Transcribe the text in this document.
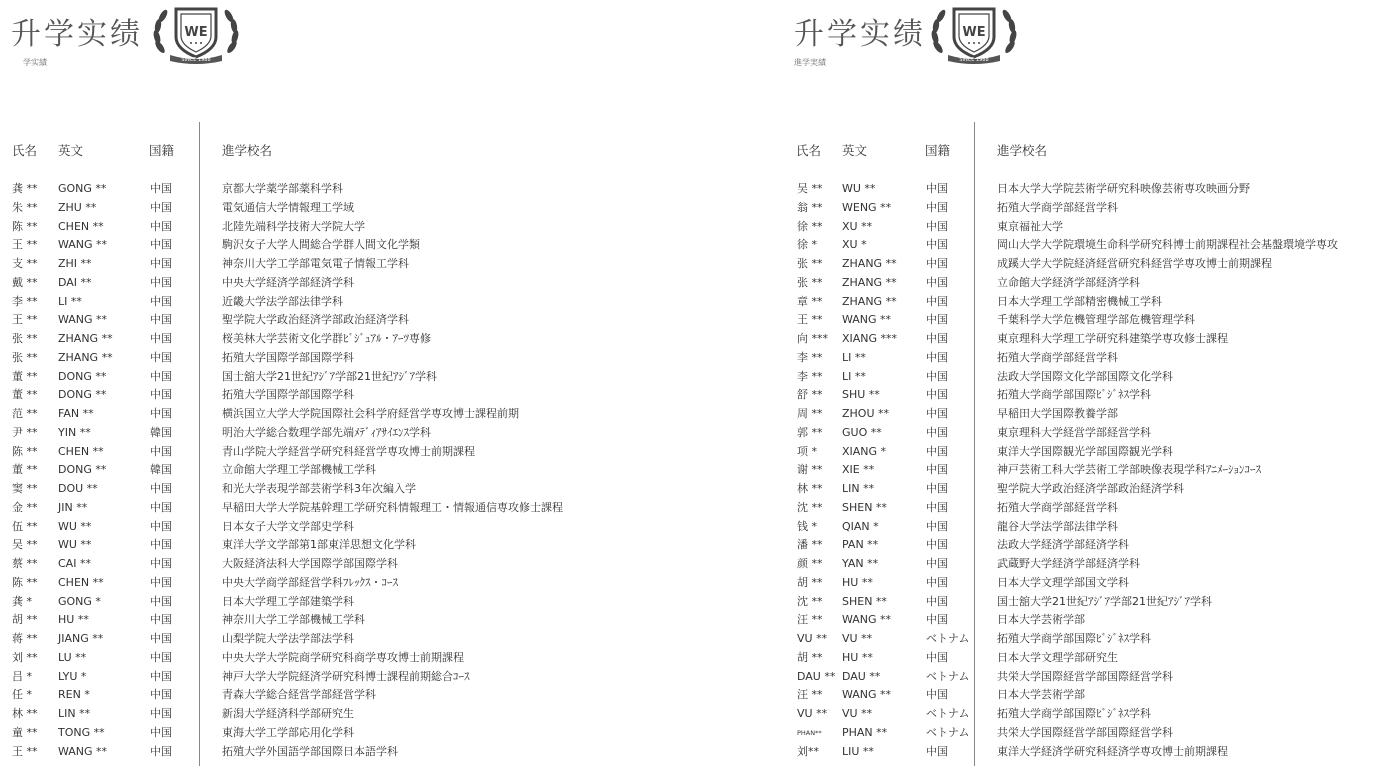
升学实绩
学实績
WE
SINCE 1988
氏名 英文	国籍	進学校名
龚 **	GONG **	中国	京都大学薬学部薬科学科
朱 **	ZHU **	中国	電気通信大学情報理工学域
陈 **	CHEN **	中国	北陸先端科学技術大学院大学
王 **	WANG **	中国	駒沢女子大学人間総合学群人間文化学類
支 **	ZHI **	中国	神奈川大学工学部電気電子情報工学科
戴 **	DAI **	中国	中央大学経済学部経済学科
李 **	LI **	中国	近畿大学法学部法律学科
王 **	WANG **	中国	聖学院大学政治経済学部政治経済学科
张 **	ZHANG **	中国	桜美林大学芸術文化学群ﾋﾞｼﾞｭｱﾙ・ｱｰﾂ専修
张 **	ZHANG **	中国	拓殖大学国際学部国際学科
董 **	DONG **	中国	国士舘大学21世紀ｱｼﾞｱ学部21世紀ｱｼﾞｱ学科
董 **	DONG **	中国	拓殖大学国際学部国際学科
范 **	FAN **	中国	横浜国立大学大学院国際社会科学府経営学専攻博士課程前期
尹 **	YIN **	韓国	明治大学総合数理学部先端ﾒﾃﾞｨｱｻｲｴﾝｽ学科
陈 **	CHEN **	中国	青山学院大学経営学研究科経営学専攻博士前期課程
董 **	DONG **	韓国	立命館大学理工学部機械工学科
窦 **	DOU **	中国	和光大学表現学部芸術学科3年次編入学
金 **	JIN **	中国	早稲田大学大学院基幹理工学研究科情報理工・情報通信専攻修士課程
伍 **	WU **	中国	日本女子大学文学部史学科
吴 **	WU **	中国	東洋大学文学部第1部東洋思想文化学科
蔡 **	CAI **	中国	大阪経済法科大学国際学部国際学科
陈 **	CHEN **	中国	中央大学商学部経営学科ﾌﾚｯｸｽ・ｺｰｽ
龚 *	GONG *	中国	日本大学理工学部建築学科
胡 **	HU **	中国	神奈川大学工学部機械工学科
蒋 **	JIANG **	中国	山梨学院大学法学部法学科
刘 **	LU **	中国	中央大学大学院商学研究科商学専攻博士前期課程
吕 *	LYU *	中国	神戸大学大学院経済学研究科博士課程前期総合ｺｰｽ
任 *	REN *	中国	青森大学総合経営学部経営学科
林 **	LIN **	中国	新潟大学経済科学部研究生
童 **	TONG **	中国	東海大学工学部応用化学科
王 **	WANG **	中国	拓殖大学外国語学部国際日本語学科
升学实绩
進学実績
WE
SINCE 1988
氏名 英文	国籍	進学校名
吴 **	WU **	中国	日本大学大学院芸術学研究科映像芸術専攻映画分野
翁 **	WENG **	中国	拓殖大学商学部経営学科
徐 **	XU **	中国	東京福祉大学
徐 *	XU *	中国	岡山大学大学院環境生命科学研究科博士前期課程社会基盤環境学専攻
张 **	ZHANG **	中国	成蹊大学大学院経済経営研究科経営学専攻博士前期課程
张 **	ZHANG **	中国	立命館大学経済学部経済学科
章 **	ZHANG **	中国	日本大学理工学部精密機械工学科
王 **	WANG **	中国	千葉科学大学危機管理学部危機管理学科
向 ***	XIANG ***	中国	東京理科大学理工学研究科建築学専攻修士課程
李 **	LI **	中国	拓殖大学商学部経営学科
李 **	LI **	中国	法政大学国際文化学部国際文化学科
舒 **	SHU **	中国	拓殖大学商学部国際ﾋﾞｼﾞﾈｽ学科
周 **	ZHOU **	中国	早稲田大学国際教養学部
郭 **	GUO **	中国	東京理科大学経営学部経営学科
项 *	XIANG *	中国	東洋大学国際観光学部国際観光学科
谢 **	XIE **	中国	神戸芸術工科大学芸術工学部映像表現学科ｱﾆﾒｰｼｮﾝｺｰｽ
林 **	LIN **	中国	聖学院大学政治経済学部政治経済学科
沈 **	SHEN **	中国	拓殖大学商学部経営学科
钱 *	QIAN *	中国	龍谷大学法学部法律学科
潘 **	PAN **	中国	法政大学経済学部経済学科
颜 **	YAN **	中国	武蔵野大学経済学部経済学科
胡 **	HU **	中国	日本大学文理学部国文学科
沈 **	SHEN **	中国	国士舘大学21世紀ｱｼﾞｱ学部21世紀ｱｼﾞｱ学科
汪 **	WANG **	中国	日本大学芸術学部
VU **	VU **	ベトナム	拓殖大学商学部国際ﾋﾞｼﾞﾈｽ学科
胡 **	HU **	中国	日本大学文理学部研究生
DAU ** DAU **	ベトナム	共栄大学国際経営学部国際経営学科
汪 **	WANG **	中国	日本大学芸術学部
VU **	VU **	ベトナム	拓殖大学商学部国際ﾋﾞｼﾞﾈｽ学科
PHAN**	PHAN **	ベトナム	共栄大学国際経営学部国際経営学科
刘**	LIU **	中国	東洋大学経済学研究科経済学専攻博士前期課程
